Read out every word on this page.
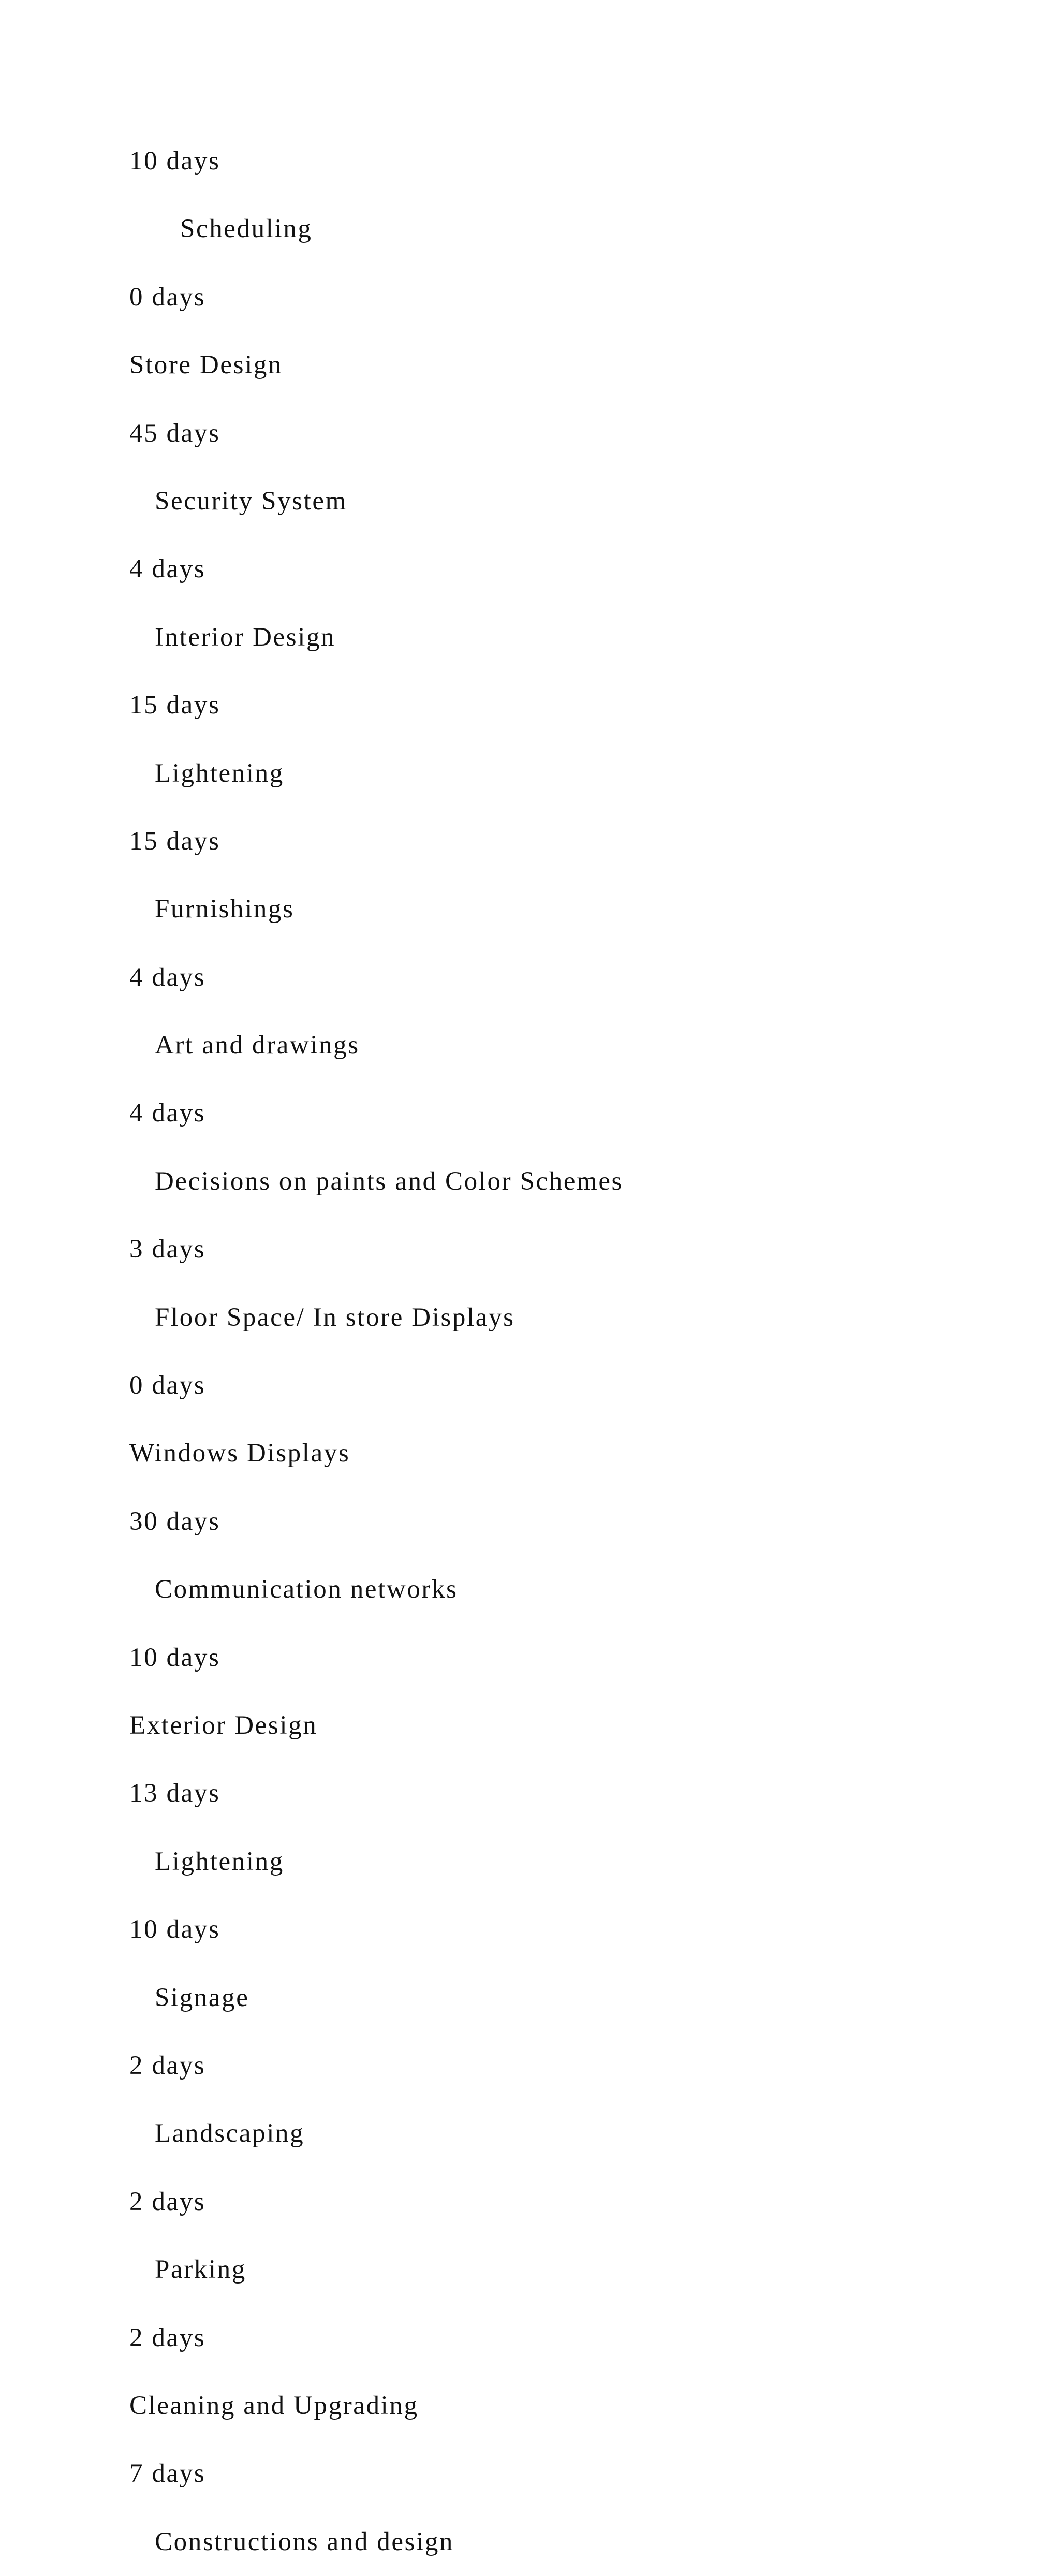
10 days
Scheduling
0 days
Store Design
45 days
Security System
4 days
Interior Design
15 days
Lightening
15 days
Furnishings
4 days
Art and drawings
4 days
Decisions on paints and Color Schemes
3 days
Floor Space/ In store Displays
0 days
Windows Displays
30 days
Communication networks
10 days
Exterior Design
13 days
Lightening
10 days
Signage
2 days
Landscaping
2 days
Parking
2 days
Cleaning and Upgrading
7 days
Constructions and design
